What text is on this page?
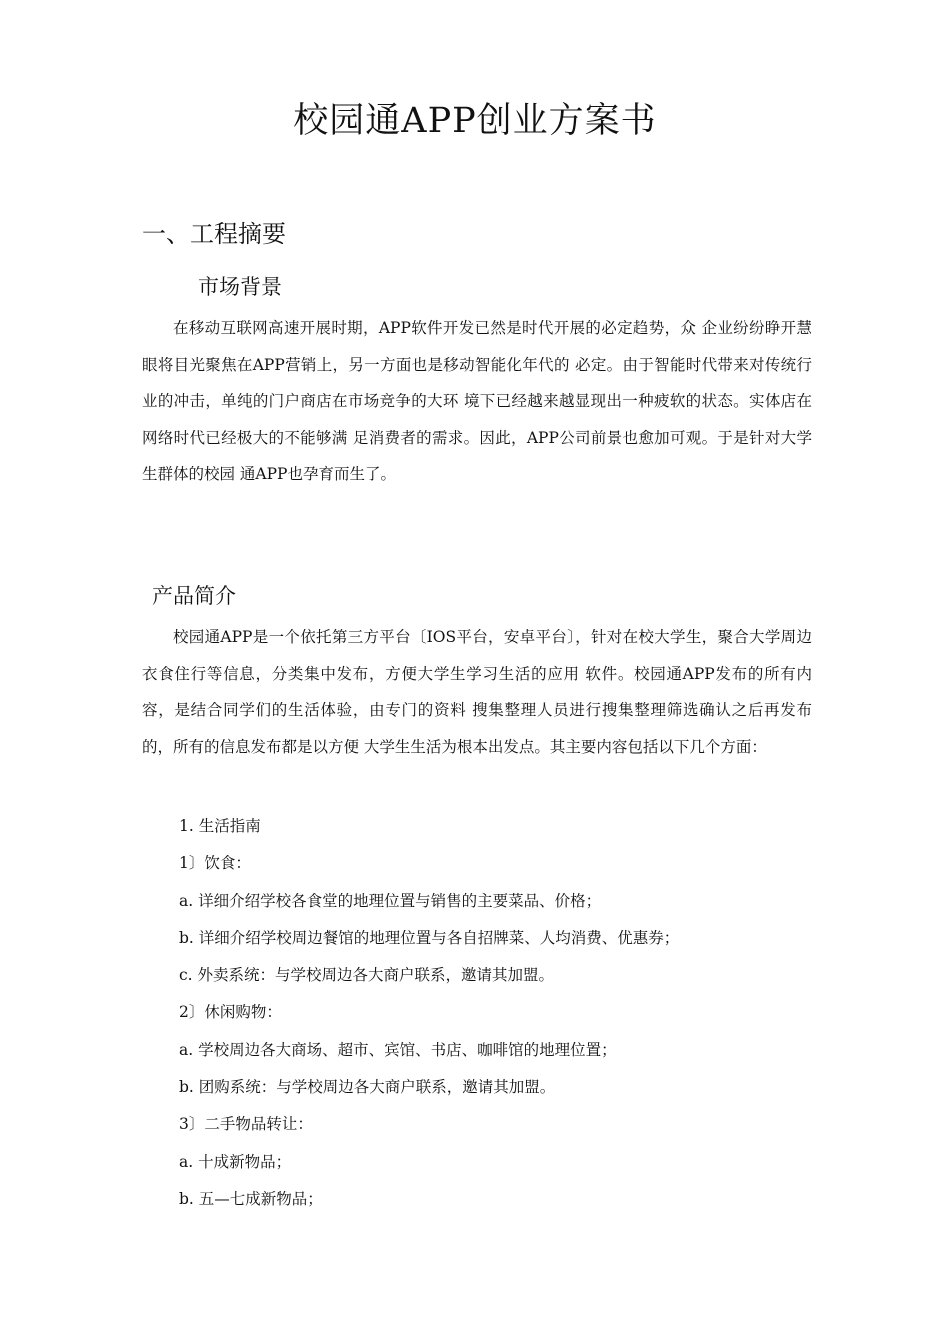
校园通APP创业方案书
一、工程摘要
市场背景
在移动互联网高速开展时期，APP软件开发已然是时代开展的必定趋势，众 企业纷纷睁开慧眼将目光聚焦在APP营销上，另一方面也是移动智能化年代的 必定。由于智能时代带来对传统行业的冲击，单纯的门户商店在市场竞争的大环 境下已经越来越显现出一种疲软的状态。实体店在网络时代已经极大的不能够满 足消费者的需求。因此，APP公司前景也愈加可观。于是针对大学生群体的校园 通APP也孕育而生了。
产品简介
校园通APP是一个依托第三方平台〔IOS平台，安卓平台〕，针对在校大学生，聚合大学周边衣食住行等信息，分类集中发布，方便大学生学习生活的应用 软件。校园通APP发布的所有内容，是结合同学们的生活体验，由专门的资料 搜集整理人员进行搜集整理筛选确认之后再发布的，所有的信息发布都是以方便 大学生生活为根本出发点。其主要内容包括以下几个方面：
1. 生活指南
1〕饮食：
a. 详细介绍学校各食堂的地理位置与销售的主要菜品、价格；
b. 详细介绍学校周边餐馆的地理位置与各自招牌菜、人均消费、优惠券；
c. 外卖系统：与学校周边各大商户联系，邀请其加盟。
2〕休闲购物：
a. 学校周边各大商场、超市、宾馆、书店、咖啡馆的地理位置；
b. 团购系统：与学校周边各大商户联系，邀请其加盟。
3〕二手物品转让：
a. 十成新物品；
b. 五—七成新物品；
